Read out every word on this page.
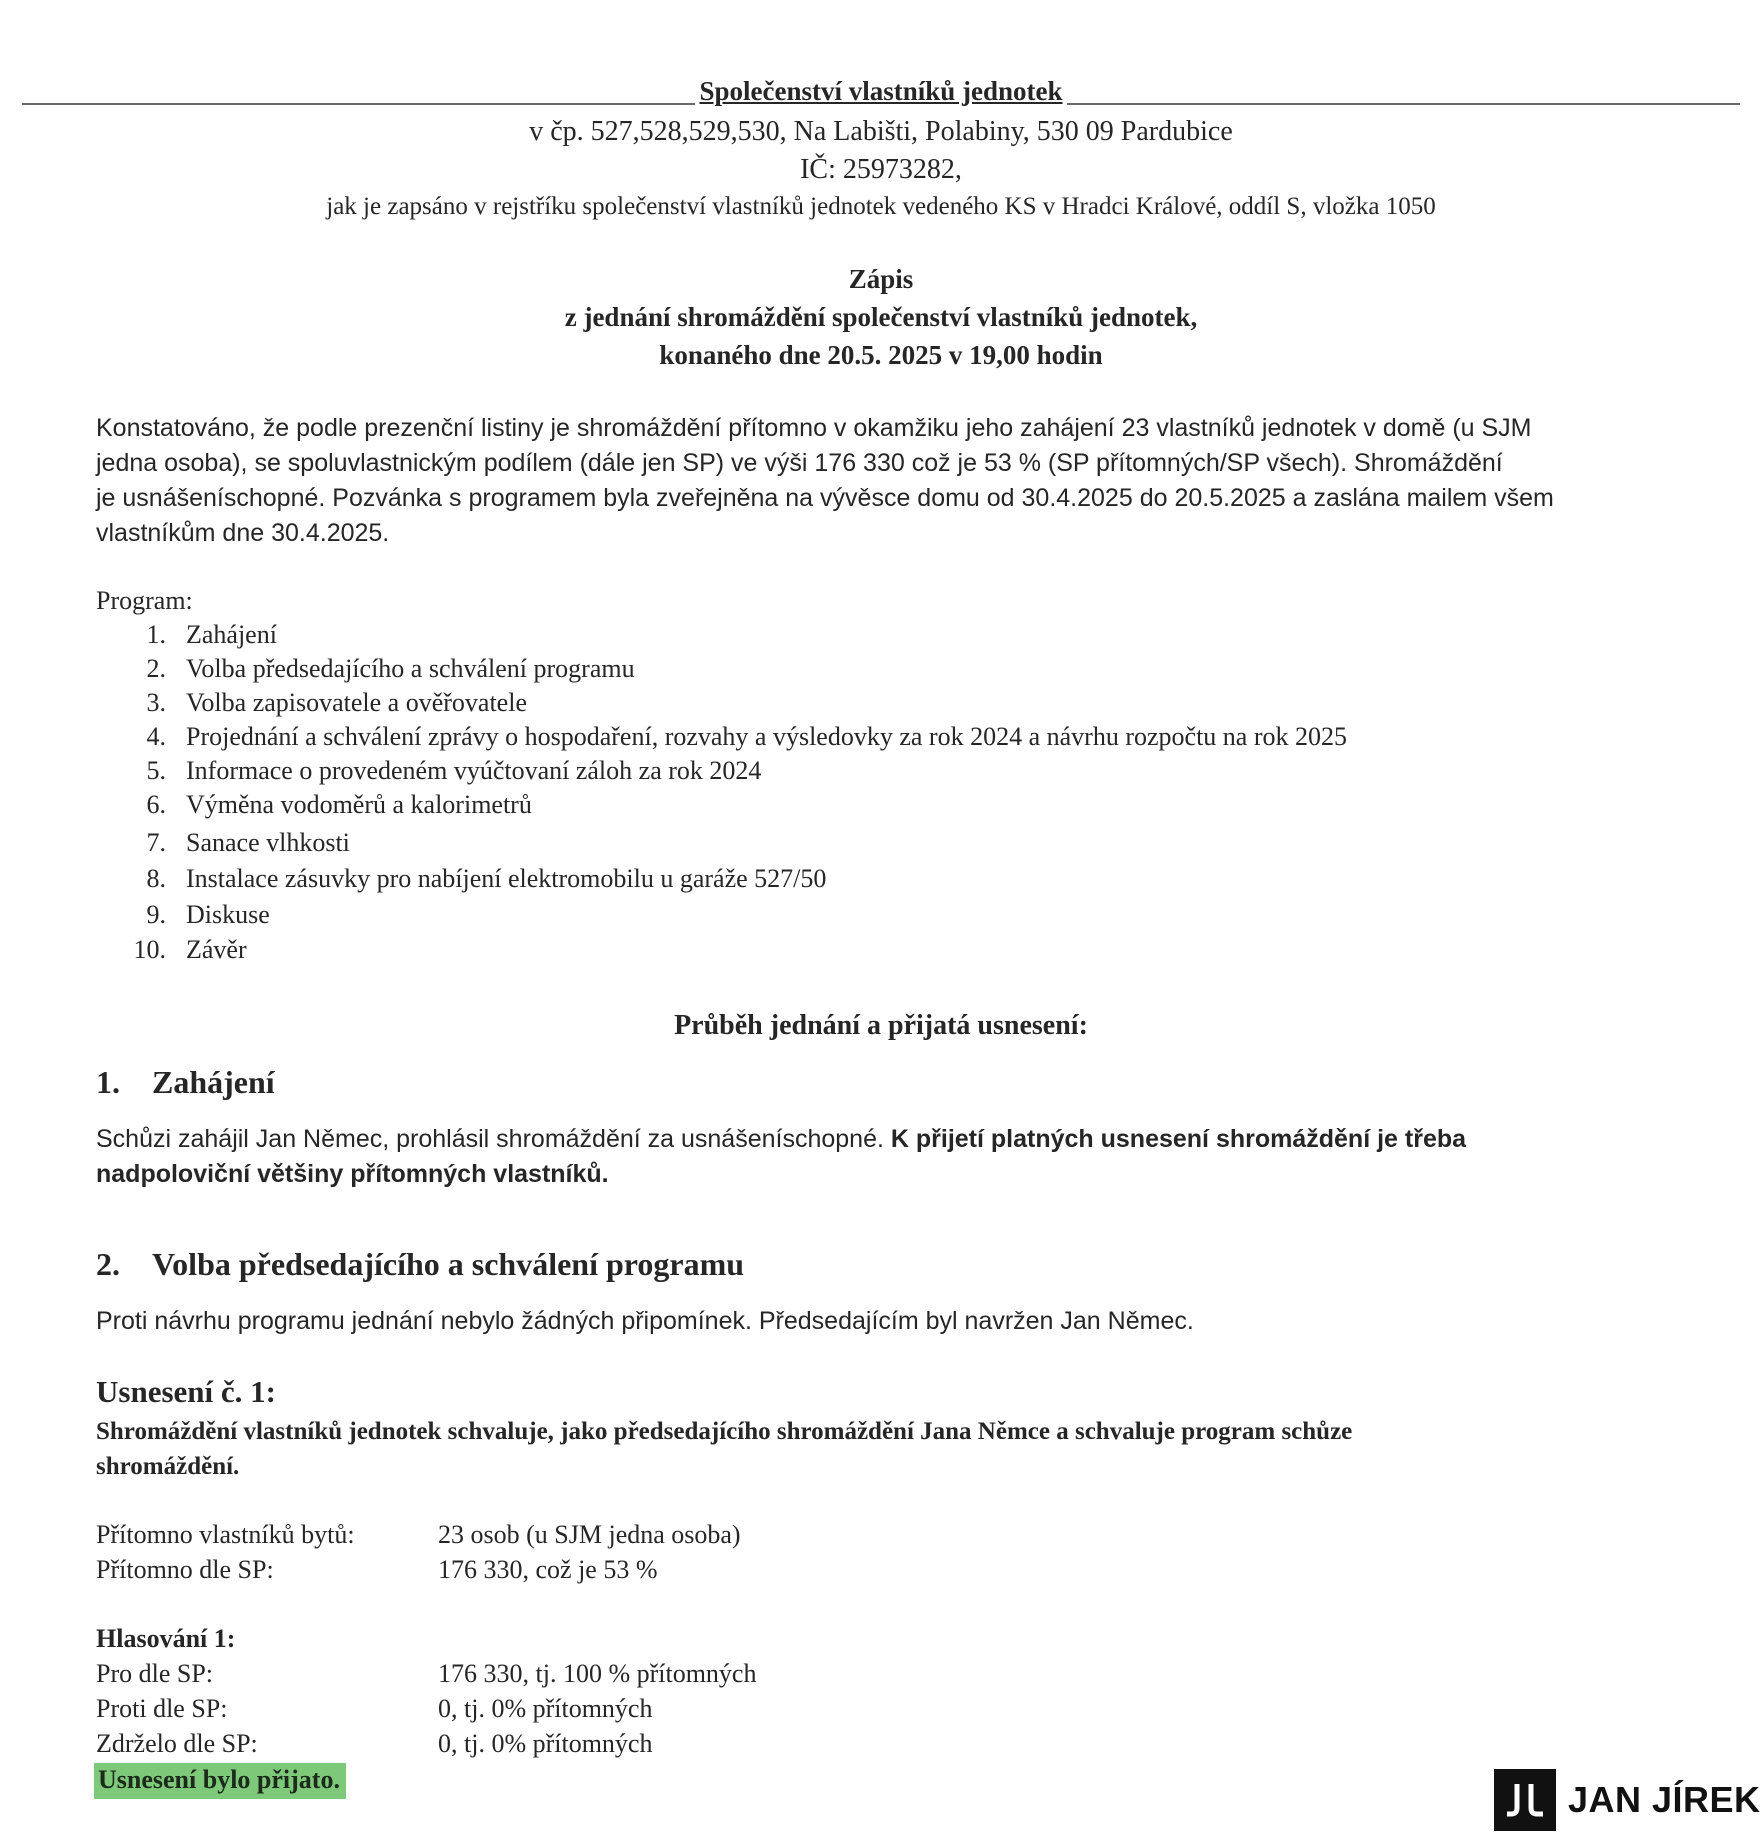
Společenství vlastníků jednotek
v čp. 527,528,529,530, Na Labišti, Polabiny, 530 09 Pardubice
IČ: 25973282,
jak je zapsáno v rejstříku společenství vlastníků jednotek vedeného KS v Hradci Králové, oddíl S, vložka 1050
Zápis
z jednání shromáždění společenství vlastníků jednotek,
konaného dne 20.5. 2025 v 19,00 hodin
Konstatováno, že podle prezenční listiny je shromáždění přítomno v okamžiku jeho zahájení 23 vlastníků jednotek v domě (u SJM
jedna osoba), se spoluvlastnickým podílem (dále jen SP) ve výši 176 330 což je 53 % (SP přítomných/SP všech). Shromáždění
je usnášeníschopné. Pozvánka s programem byla zveřejněna na vývěsce domu od 30.4.2025 do 20.5.2025 a zaslána mailem všem
vlastníkům dne 30.4.2025.
Program:
1. Zahájení
2. Volba předsedajícího a schválení programu
3. Volba zapisovatele a ověřovatele
4. Projednání a schválení zprávy o hospodaření, rozvahy a výsledovky za rok 2024 a návrhu rozpočtu na rok 2025
5. Informace o provedeném vyúčtovaní záloh za rok 2024
6. Výměna vodoměrů a kalorimetrů
7. Sanace vlhkosti
8. Instalace zásuvky pro nabíjení elektromobilu u garáže 527/50
9. Diskuse
10. Závěr
Průběh jednání a přijatá usnesení:
1. Zahájení
Schůzi zahájil Jan Němec, prohlásil shromáždění za usnášeníschopné. K přijetí platných usnesení shromáždění je třeba
nadpoloviční většiny přítomných vlastníků.
2. Volba předsedajícího a schválení programu
Proti návrhu programu jednání nebylo žádných připomínek. Předsedajícím byl navržen Jan Němec.
Usnesení č. 1:
Shromáždění vlastníků jednotek schvaluje, jako předsedajícího shromáždění Jana Němce a schvaluje program schůze
shromáždění.
Přítomno vlastníků bytů:	23 osob (u SJM jedna osoba)
Přítomno dle SP:	176 330, což je 53 %
Hlasování 1:
Pro dle SP:	176 330, tj. 100 % přítomných
Proti dle SP:	0, tj. 0% přítomných
Zdrželo dle SP:	0, tj. 0% přítomných
Usnesení bylo přijato.	JAN JÍREK
